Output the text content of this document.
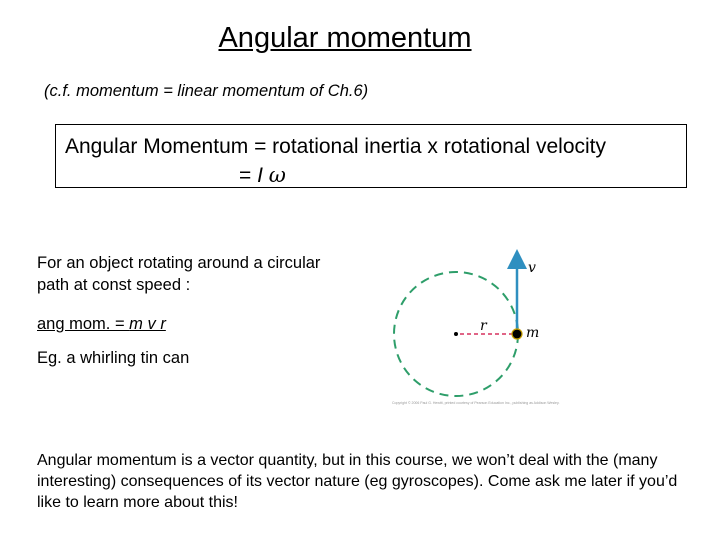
Angular momentum
(c.f. momentum = linear momentum of Ch.6)
Angular Momentum = rotational inertia x rotational velocity
= I ω
For an object rotating around a circular path at const speed :
ang mom. = m v r
Eg. a whirling tin can
v
r	m
Copyright © 2006 Paul G. Hewitt, printed courtesy of Pearson Education Inc., publishing as Addison Wesley.
Angular momentum is a vector quantity, but in this course, we won’t deal with the (many interesting) consequences of its vector nature (eg gyroscopes). Come ask me later if you’d like to learn more about this!
